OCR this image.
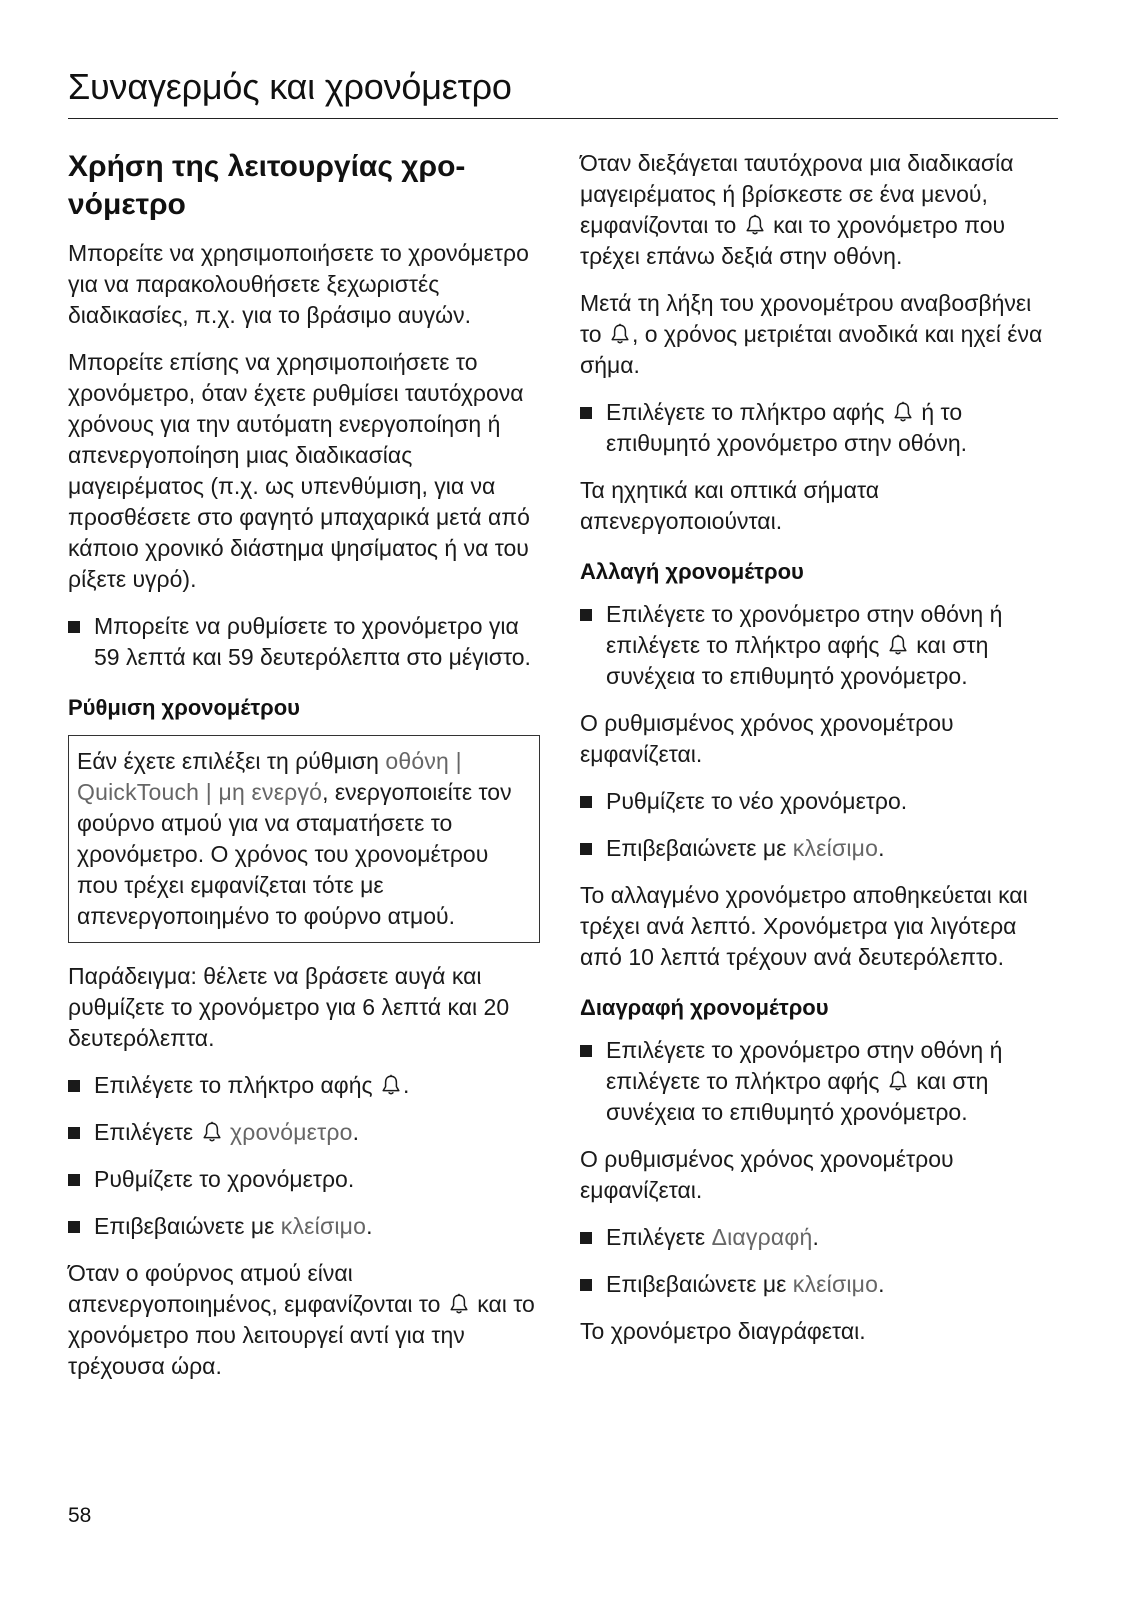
Συναγερμός και χρονόμετρο
Χρήση της λειτουργίας χρο-
νόμετρο

Μπορείτε να χρησιμοποιήσετε το χρονόμετρο για να παρακολουθήσετε ξεχωριστές διαδικασίες, π.χ. για το βράσιμο αυγών.

Μπορείτε επίσης να χρησιμοποιήσετε το χρονόμετρο, όταν έχετε ρυθμίσει ταυτόχρονα χρόνους για την αυτόματη ενεργοποίηση ή απενεργοποίηση μιας διαδικασίας μαγειρέματος (π.χ. ως υπενθύμιση, για να προσθέσετε στο φαγητό μπαχαρικά μετά από κάποιο χρονικό διάστημα ψησίματος ή να του ρίξετε υγρό).

Μπορείτε να ρυθμίσετε το χρονόμετρο για 59 λεπτά και 59 δευτερόλεπτα στο μέγιστο.
Ρύθμιση χρονομέτρου
Εάν έχετε επιλέξει τη ρύθμιση οθόνη | QuickTouch | μη ενεργό, ενεργοποιείτε τον φούρνο ατμού για να σταματήσετε το χρονόμετρο. Ο χρόνος του χρονομέτρου που τρέχει εμφανίζεται τότε με απενεργοποιημένο το φούρνο ατμού.

Παράδειγμα: θέλετε να βράσετε αυγά και ρυθμίζετε το χρονόμετρο για 6 λεπτά και 20 δευτερόλεπτα.

Επιλέγετε το πλήκτρο αφής .
Επιλέγετε  χρονόμετρο.
Ρυθμίζετε το χρονόμετρο.
Επιβεβαιώνετε με κλείσιμο.

Όταν ο φούρνος ατμού είναι απενεργοποιημένος, εμφανίζονται το  και το χρονόμετρο που λειτουργεί αντί για την τρέχουσα ώρα.

Όταν διεξάγεται ταυτόχρονα μια διαδικασία μαγειρέματος ή βρίσκεστε σε ένα μενού, εμφανίζονται το  και το χρονόμετρο που τρέχει επάνω δεξιά στην οθόνη.

Μετά τη λήξη του χρονομέτρου αναβοσβήνει το , ο χρόνος μετριέται ανοδικά και ηχεί ένα σήμα.

Επιλέγετε το πλήκτρο αφής  ή το επιθυμητό χρονόμετρο στην οθόνη.

Τα ηχητικά και οπτικά σήματα απενεργοποιούνται.

Αλλαγή χρονομέτρου
Επιλέγετε το χρονόμετρο στην οθόνη ή επιλέγετε το πλήκτρο αφής  και στη συνέχεια το επιθυμητό χρονόμετρο.

Ο ρυθμισμένος χρόνος χρονομέτρου εμφανίζεται.

Ρυθμίζετε το νέο χρονόμετρο.
Επιβεβαιώνετε με κλείσιμο.

Το αλλαγμένο χρονόμετρο αποθηκεύεται και τρέχει ανά λεπτό. Χρονόμετρα για λιγότερα από 10 λεπτά τρέχουν ανά δευτερόλεπτο.

Διαγραφή χρονομέτρου
Επιλέγετε το χρονόμετρο στην οθόνη ή επιλέγετε το πλήκτρο αφής  και στη συνέχεια το επιθυμητό χρονόμετρο.

Ο ρυθμισμένος χρόνος χρονομέτρου εμφανίζεται.

Επιλέγετε Διαγραφή.
Επιβεβαιώνετε με κλείσιμο.

Το χρονόμετρο διαγράφεται.

58
